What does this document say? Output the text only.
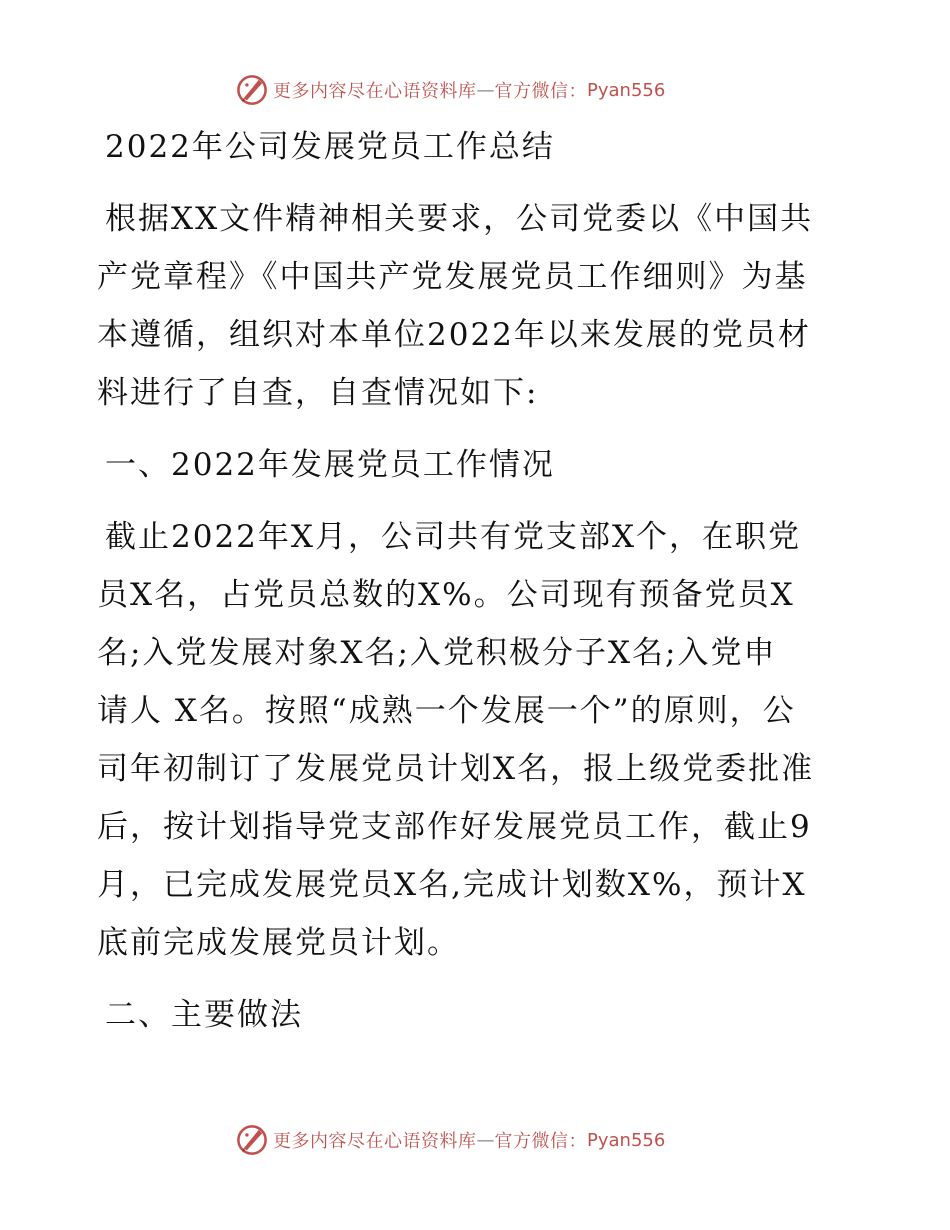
更多内容尽在心语资料库 — 官方微信： Pyan556
2022年公司发展党员工作总结
根据XX文件精神相关要求，公司党委以《中国共
产党章程》《中国共产党发展党员工作细则》为基
本遵循，组织对本单位2022年以来发展的党员材
料进行了自查，自查情况如下:
一、2022年发展党员工作情况
截止2022年X月，公司共有党支部X个，在职党
员X名，占党员总数的X%。公司现有预备党员X
名;入党发展对象X名;入党积极分子X名;入党申
请人 X名。按照“成熟一个发展一个”的原则，公
司年初制订了发展党员计划X名，报上级党委批准
后，按计划指导党支部作好发展党员工作，截止9
月，已完成发展党员X名,完成计划数X%，预计X
底前完成发展党员计划。
二、主要做法
更多内容尽在心语资料库 — 官方微信： Pyan556
